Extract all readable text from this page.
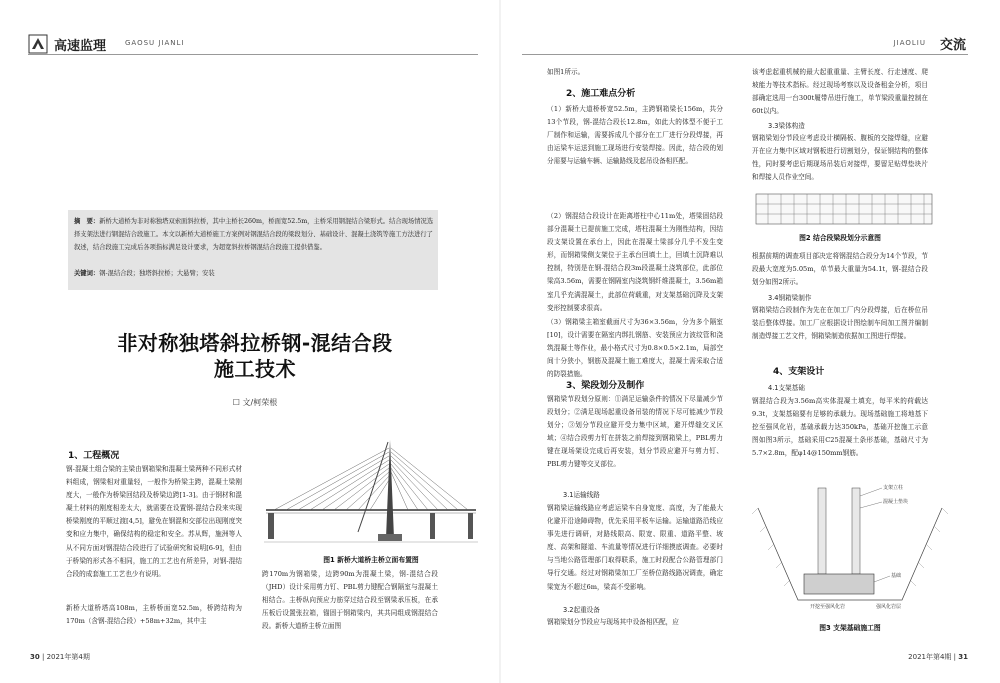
高速监理	GAOSU JIANLI	JIAOLIU 交流
摘　要：新桥大道桥为非对称独塔双索面斜拉桥，其中主桥长260m，桥面宽52.5m，主桥采用钢混结合梁形式。结合现场情况选择支架法进行钢混结合段施工。本文以新桥大道桥施工方案例对钢混结合段的梁段划分、基础设计、混凝土浇筑等施工方法进行了叙述，结合段施工完成后各项指标满足设计要求，为超宽斜拉桥钢混结合段施工提供借鉴。
关键词：钢-混结合段；独塔斜拉桥；大悬臂；安装
非对称独塔斜拉桥钢-混结合段
施工技术
☐ 文/柯荣根
1、工程概况
钢-混凝土组合梁的主梁由钢箱梁和混凝土梁两种不同形式材料组成，钢梁相对重量轻，一般作为桥梁主跨，混凝土梁刚度大，一般作为桥梁回结段及桥梁边跨[1-3]。由于钢材和混凝土材料的刚度相差太大，就需要在设置钢-混结合段来实现桥梁刚度的平顺过渡[4,5]，避免在钢混和交部位出现刚度突变和应力集中，确保结构的稳定和安全。苏从辉，施洲等人从不同方面对钢混结合段进行了试验研究和说明[6-9]，但由于桥梁的形式各不相同，施工的工艺也有所差异，对钢-混结合段的成套施工工艺也少有说明。
新桥大道桥塔高108m，主桥桥面宽52.5m，桥跨结构为170m（含钢-混结合段）+58m+32m，其中主
图1 新桥大道桥主桥立面布置图
跨170m为钢箱梁，边跨90m为混凝土梁，钢-混结合段（JHD）设计采用剪力钉、PBL剪力键配合钢隔室与混凝土相结合。主桥纵向预应力筋穿过结合段至钢梁承压板，在承压板后设置张拉箱，锚固于钢箱梁内，其共同组成钢混结合段。新桥大道桥主桥立面图
如图1所示。
2、施工难点分析
（1）新桥大道桥桥宽52.5m，主跨钢箱梁长156m，共分13个节段，钢-混结合段长12.8m，如此大的体型不便于工厂制作和运输，需要拆成几个部分在工厂进行分段焊接，再由运梁车运送到施工现场进行安装焊接。因此，结合段的划分需要与运输车辆、运输路线及起吊设备相匹配。
（2）钢混结合段设计在距离塔柱中心11m处，塔梁固结段部分混凝土已提前施工完成，塔柱混凝土为刚性结构，因结段支架设置在承台上，因此在混凝土梁部分几乎不发生变形，而钢箱梁侧支架位于主承台回填土上，回填土沉降难以控制，特别是在钢-混结合段3m段混凝土浇筑部位，此部位梁高3.56m，需要在钢隔室内浇筑钢纤维混凝土，3.56m箱室几乎充满混凝土，此部位荷载重，对支架基础沉降及支架变形控制要求很高。
（3）钢箱梁主箱室截面尺寸为36×3.56m，分为多个隔室[10]，设计需要在隔室内绑扎钢筋、安装预应力波纹管和浇筑混凝土等作业，最小格式尺寸为0.8×0.5×2.1m，局部空间十分狭小，钢筋及混凝土施工难度大，混凝土需采取合适的防裂措施。
3、梁段划分及制作
钢箱梁节段划分原则：①满足运输条件的情况下尽量减少节段划分；②满足现场起重设备吊装的情况下尽可能减少节段划分；③划分节段应避开受力集中区域，避开焊缝交叉区域；④结合段剪力钉在拼装之前焊接到钢箱梁上，PBL剪力键在现场架设完成后再安装，划分节段应避开与剪力钉、PBL剪力键等交叉部位。
3.1运输线路
钢箱梁运输线路应考虑运梁车自身宽度、高度，为了能最大化避开沿途障碍物，优先采用平板车运输。运输道路沿线应事先进行调研，对路线限高、限宽、限重、道路平整、坡度、高架和隧道、车流量等情况进行详细摸底调查。必要时与当地公路管理部门取得联系，施工时段配合公路管理部门导行交通。经过对钢箱梁加工厂至桥位路线路况调查，确定梁宽为不超过6m，梁高不受影响。
3.2起重设备
钢箱梁划分节段应与现场其中设备相匹配，应
该考虑起重机械的最大起重重量、主臂长度、行走速度、爬坡能力等技术指标。经过现场考察以及设备租金分析，项目部确定选用一台300t履带吊进行施工，单节梁段重量控制在60t以内。
3.3梁体构造
钢箱梁划分节段应考虑设计横隔板、腹板的交接焊缝，应避开在应力集中区域对钢板进行切割划分，保证钢结构的整体性，同时要考虑后期现场吊装后对接焊，要留足贴焊垫块片和焊接人员作业空间。
图2 结合段梁段划分示意图
根据前期的调查项目部决定将钢混结合段分为14个节段，节段最大宽度为5.05m，单节最大重量为54.1t，钢-混结合段划分如图2所示。
3.4钢箱梁制作
钢箱梁结合段制作为先在在加工厂内分段焊接，后在桥位吊装后整体焊接。加工厂应根据设计图绘制车间加工图并编制制造焊接工艺文件，钢箱梁制造依据加工图进行焊接。
4、支架设计
4.1支架基础
钢混结合段为3.56m高实体混凝土填充，每平米的荷载达9.3t，支架基础要有足够的承载力。现场基础施工将地基下挖至强风化岩，基础承载力达350kPa，基础开挖施工示意图如图3所示，基础采用C25混凝土条形基础，基础尺寸为5.7×2.8m，配φ14@150mm钢筋。
支架立柱
混凝土垫块
基础
开挖至强风化岩	强风化岩层
图3 支架基础施工图
30 | 2021年第4期	2021年第4期 | 31
